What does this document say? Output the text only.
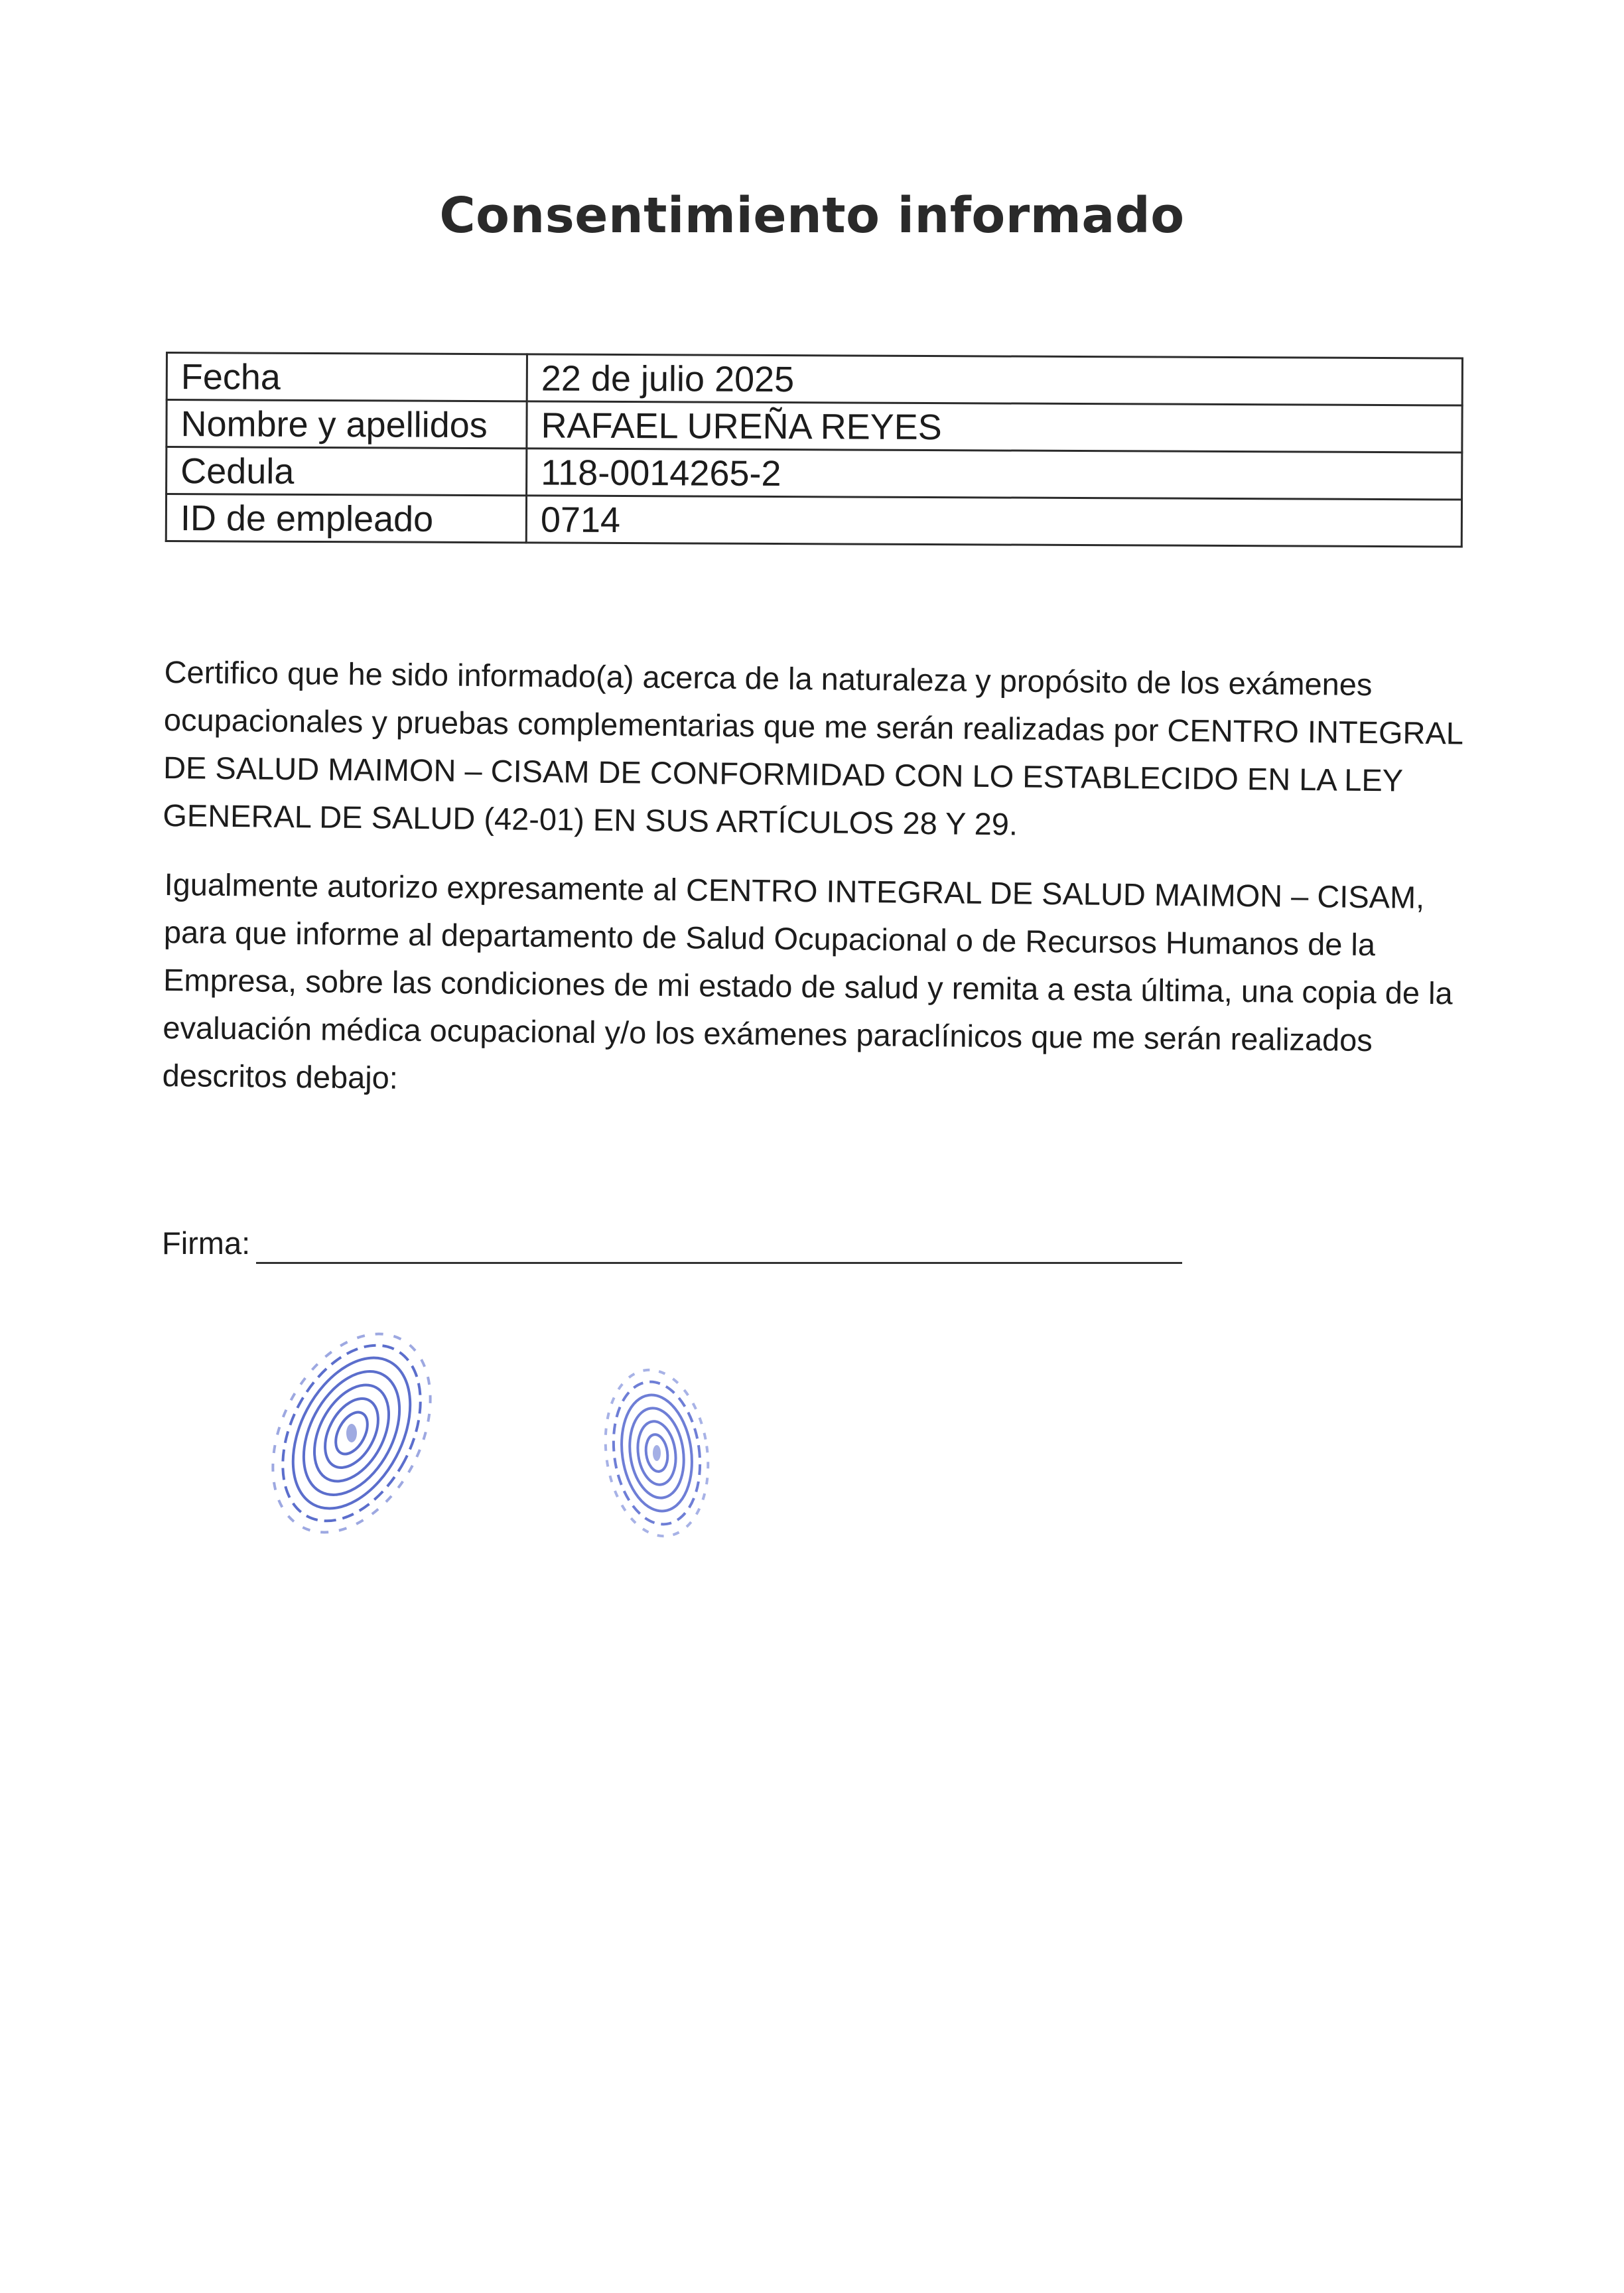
Consentimiento informado
Fecha	22 de julio 2025
Nombre y apellidos	RAFAEL UREÑA REYES
Cedula	118-0014265-2
ID de empleado	0714

Certifico que he sido informado(a) acerca de la naturaleza y propósito de los exámenes ocupacionales y pruebas complementarias que me serán realizadas por CENTRO INTEGRAL DE SALUD MAIMON – CISAM DE CONFORMIDAD CON LO ESTABLECIDO EN LA LEY GENERAL DE SALUD (42-01) EN SUS ARTÍCULOS 28 Y 29.

Igualmente autorizo expresamente al CENTRO INTEGRAL DE SALUD MAIMON – CISAM, para que informe al departamento de Salud Ocupacional o de Recursos Humanos de la Empresa, sobre las condiciones de mi estado de salud y remita a esta última, una copia de la evaluación médica ocupacional y/o los exámenes paraclínicos que me serán realizados descritos debajo:

Firma:
